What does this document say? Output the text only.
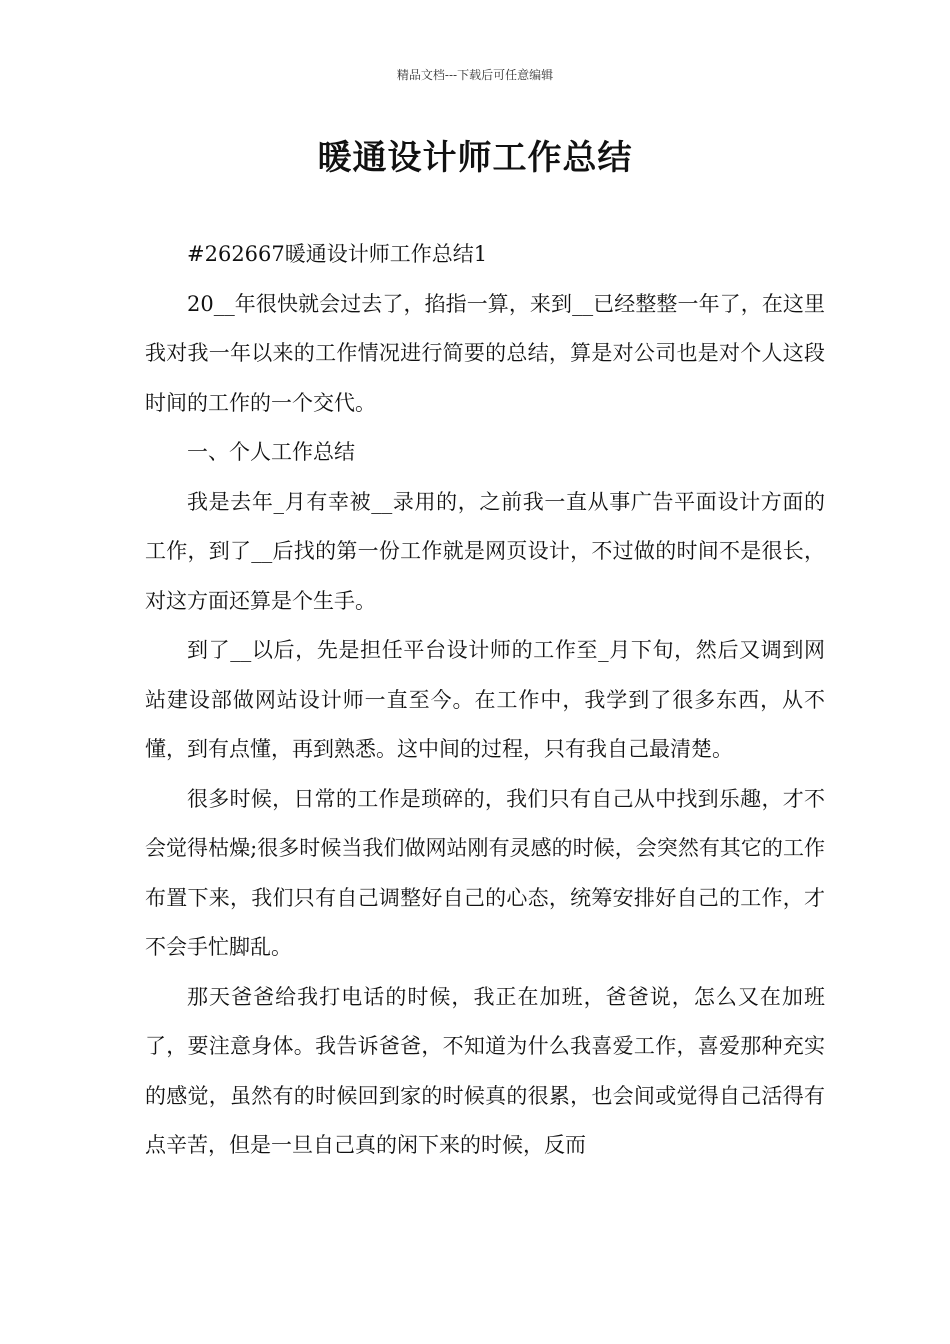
精品文档---下载后可任意编辑
暖通设计师工作总结

#262667暖通设计师工作总结1

20__年很快就会过去了，掐指一算，来到__已经整整一年了，在这里我对我一年以来的工作情况进行简要的总结，算是对公司也是对个人这段时间的工作的一个交代。

一、个人工作总结

我是去年_月有幸被__录用的，之前我一直从事广告平面设计方面的工作，到了__后找的第一份工作就是网页设计，不过做的时间不是很长，对这方面还算是个生手。

到了__以后，先是担任平台设计师的工作至_月下旬，然后又调到网站建设部做网站设计师一直至今。在工作中，我学到了很多东西，从不懂，到有点懂，再到熟悉。这中间的过程，只有我自己最清楚。

很多时候，日常的工作是琐碎的，我们只有自己从中找到乐趣，才不会觉得枯燥;很多时候当我们做网站刚有灵感的时候，会突然有其它的工作布置下来，我们只有自己调整好自己的心态，统筹安排好自己的工作，才不会手忙脚乱。

那天爸爸给我打电话的时候，我正在加班，爸爸说，怎么又在加班了，要注意身体。我告诉爸爸，不知道为什么我喜爱工作，喜爱那种充实的感觉，虽然有的时候回到家的时候真的很累，也会间或觉得自己活得有点辛苦，但是一旦自己真的闲下来的时候，反而
